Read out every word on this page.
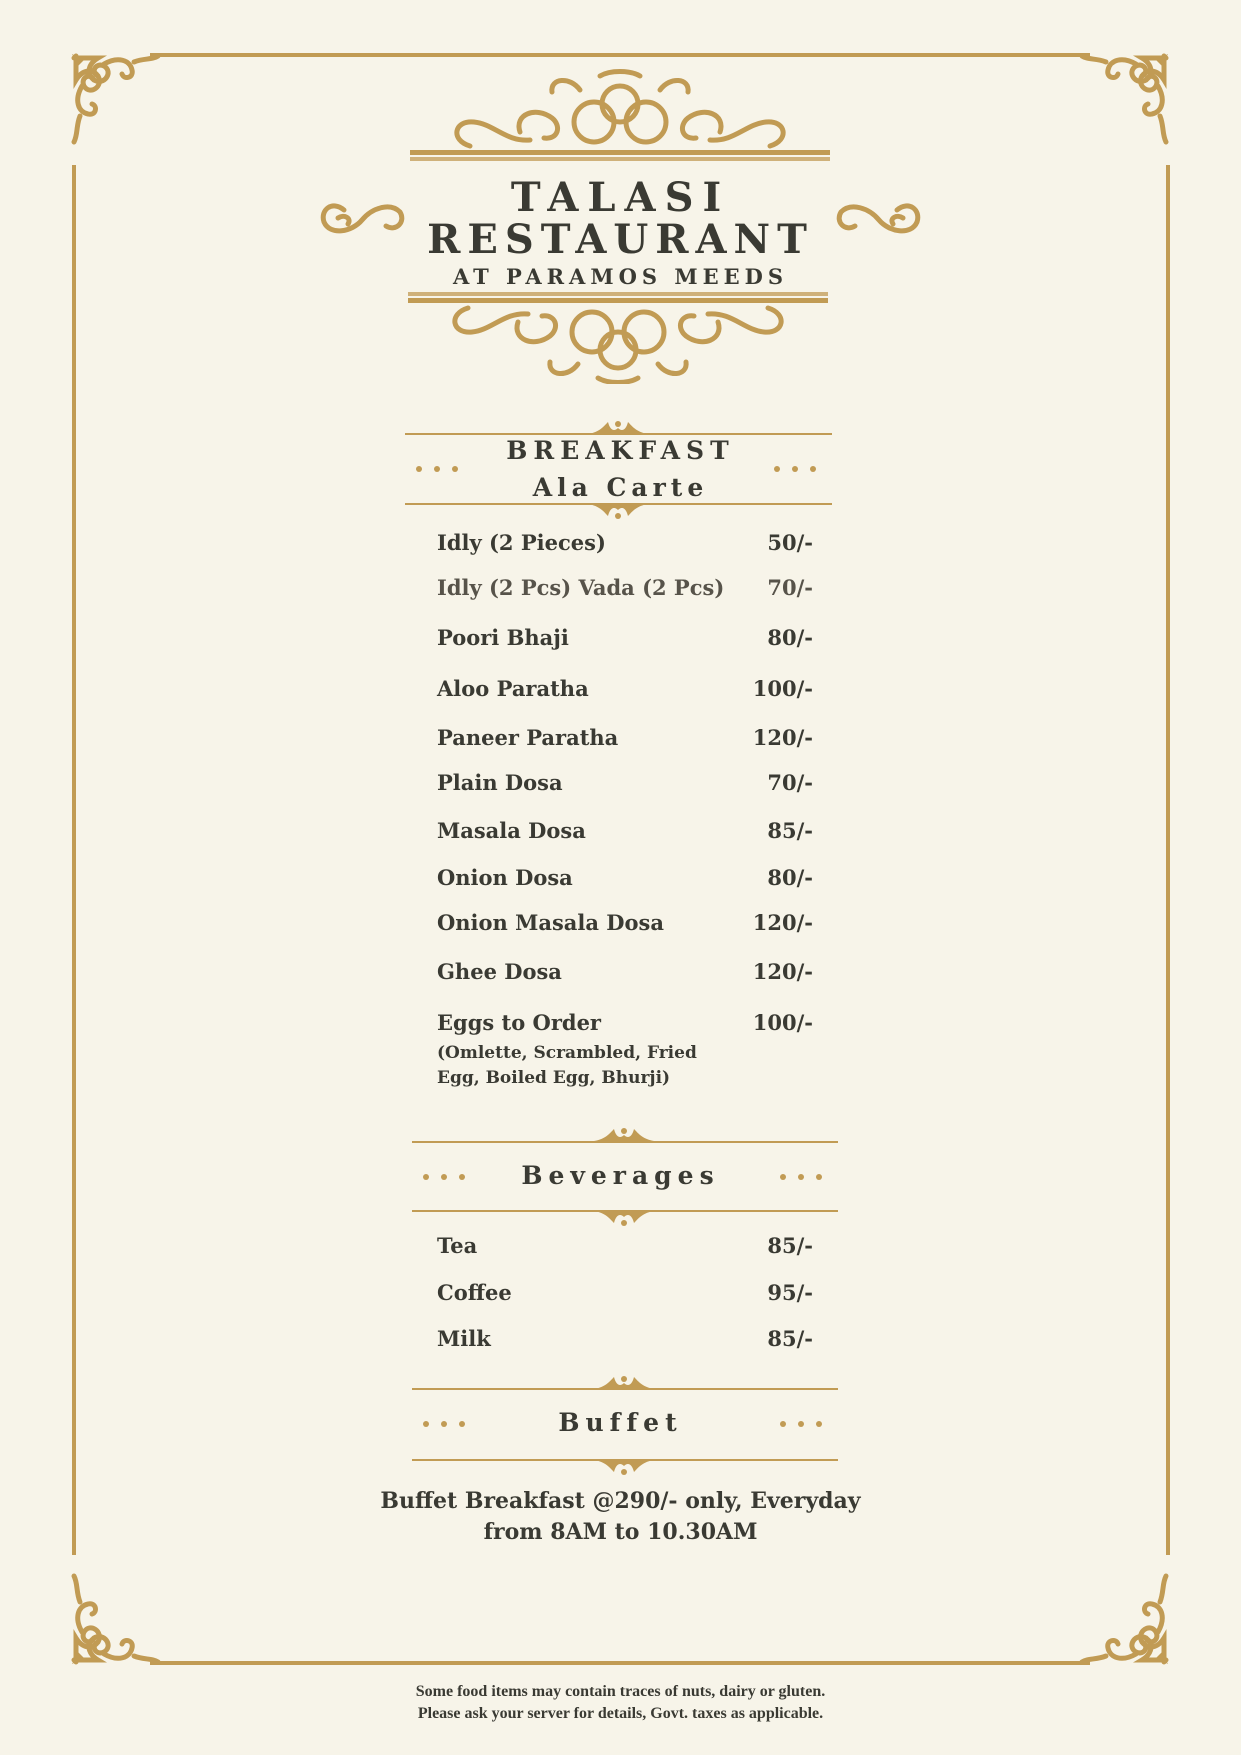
TALASI
RESTAURANT
AT PARAMOS MEEDS
BREAKFAST
Ala Carte
Idly (2 Pieces)	50/-
Idly (2 Pcs) Vada (2 Pcs) 70/-
Poori Bhaji	80/-
Aloo Paratha	100/-
Paneer Paratha	120/-
Plain Dosa	70/-
Masala Dosa	85/-
Onion Dosa	80/-
Onion Masala Dosa	120/-
Ghee Dosa	120/-
Eggs to Order	100/-
(Omlette, Scrambled, Fried
Egg, Boiled Egg, Bhurji)
Beverages
Tea	85/-
Coffee	95/-
Milk	85/-
Buffet
Buffet Breakfast @290/- only, Everyday
from 8AM to 10.30AM
Some food items may contain traces of nuts, dairy or gluten.
Please ask your server for details, Govt. taxes as applicable.
